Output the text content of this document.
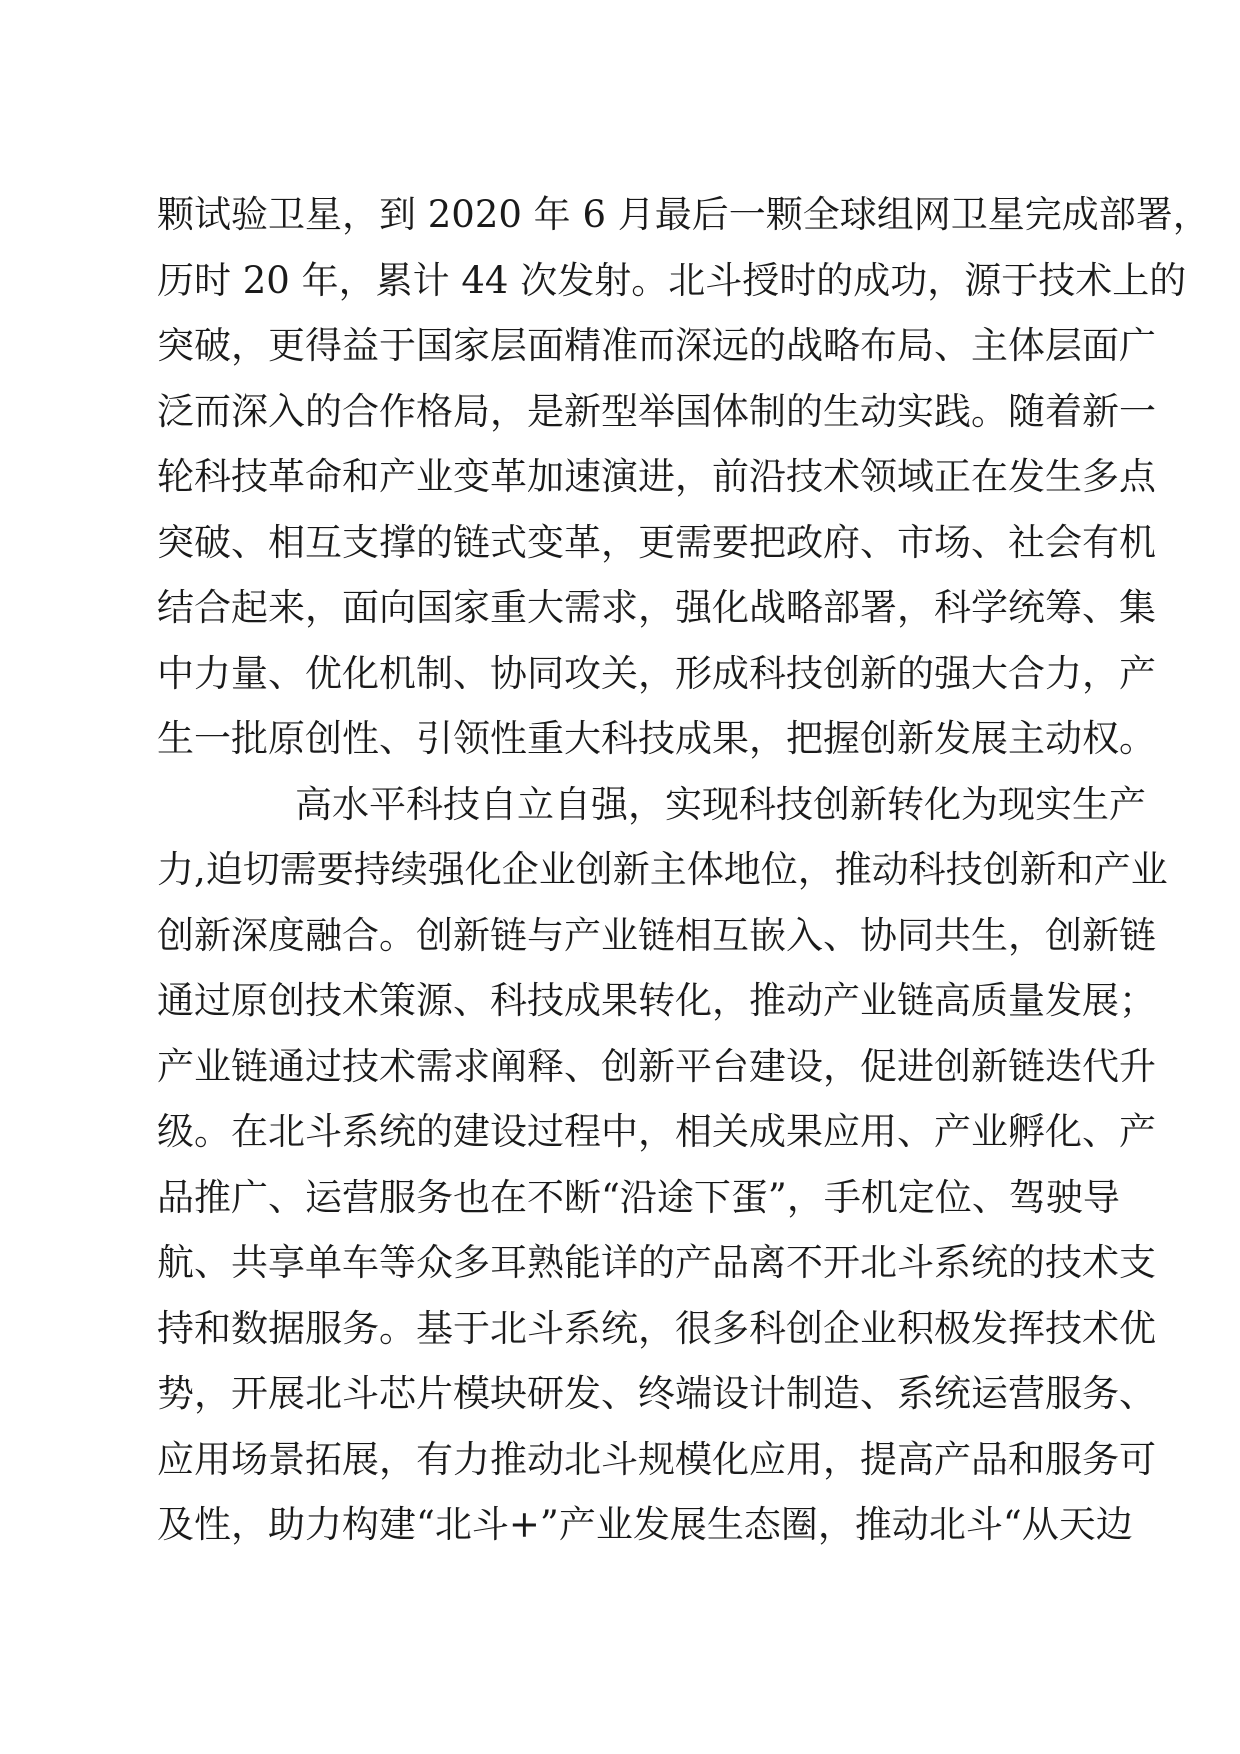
颗试验卫星，到 2020 年 6 月最后一颗全球组网卫星完成部署，
历时 20 年，累计 44 次发射。北斗授时的成功，源于技术上的
突破，更得益于国家层面精准而深远的战略布局、主体层面广
泛而深入的合作格局，是新型举国体制的生动实践。随着新一
轮科技革命和产业变革加速演进，前沿技术领域正在发生多点
突破、相互支撑的链式变革，更需要把政府、市场、社会有机
结合起来，面向国家重大需求，强化战略部署，科学统筹、集
中力量、优化机制、协同攻关，形成科技创新的强大合力，产
生一批原创性、引领性重大科技成果，把握创新发展主动权。
高水平科技自立自强，实现科技创新转化为现实生产
力,迫切需要持续强化企业创新主体地位，推动科技创新和产业
创新深度融合。创新链与产业链相互嵌入、协同共生，创新链
通过原创技术策源、科技成果转化，推动产业链高质量发展；
产业链通过技术需求阐释、创新平台建设，促进创新链迭代升
级。在北斗系统的建设过程中，相关成果应用、产业孵化、产
品推广、运营服务也在不断“沿途下蛋”，手机定位、驾驶导
航、共享单车等众多耳熟能详的产品离不开北斗系统的技术支
持和数据服务。基于北斗系统，很多科创企业积极发挥技术优
势，开展北斗芯片模块研发、终端设计制造、系统运营服务、
应用场景拓展，有力推动北斗规模化应用，提高产品和服务可
及性，助力构建“北斗+”产业发展生态圈，推动北斗“从天边
